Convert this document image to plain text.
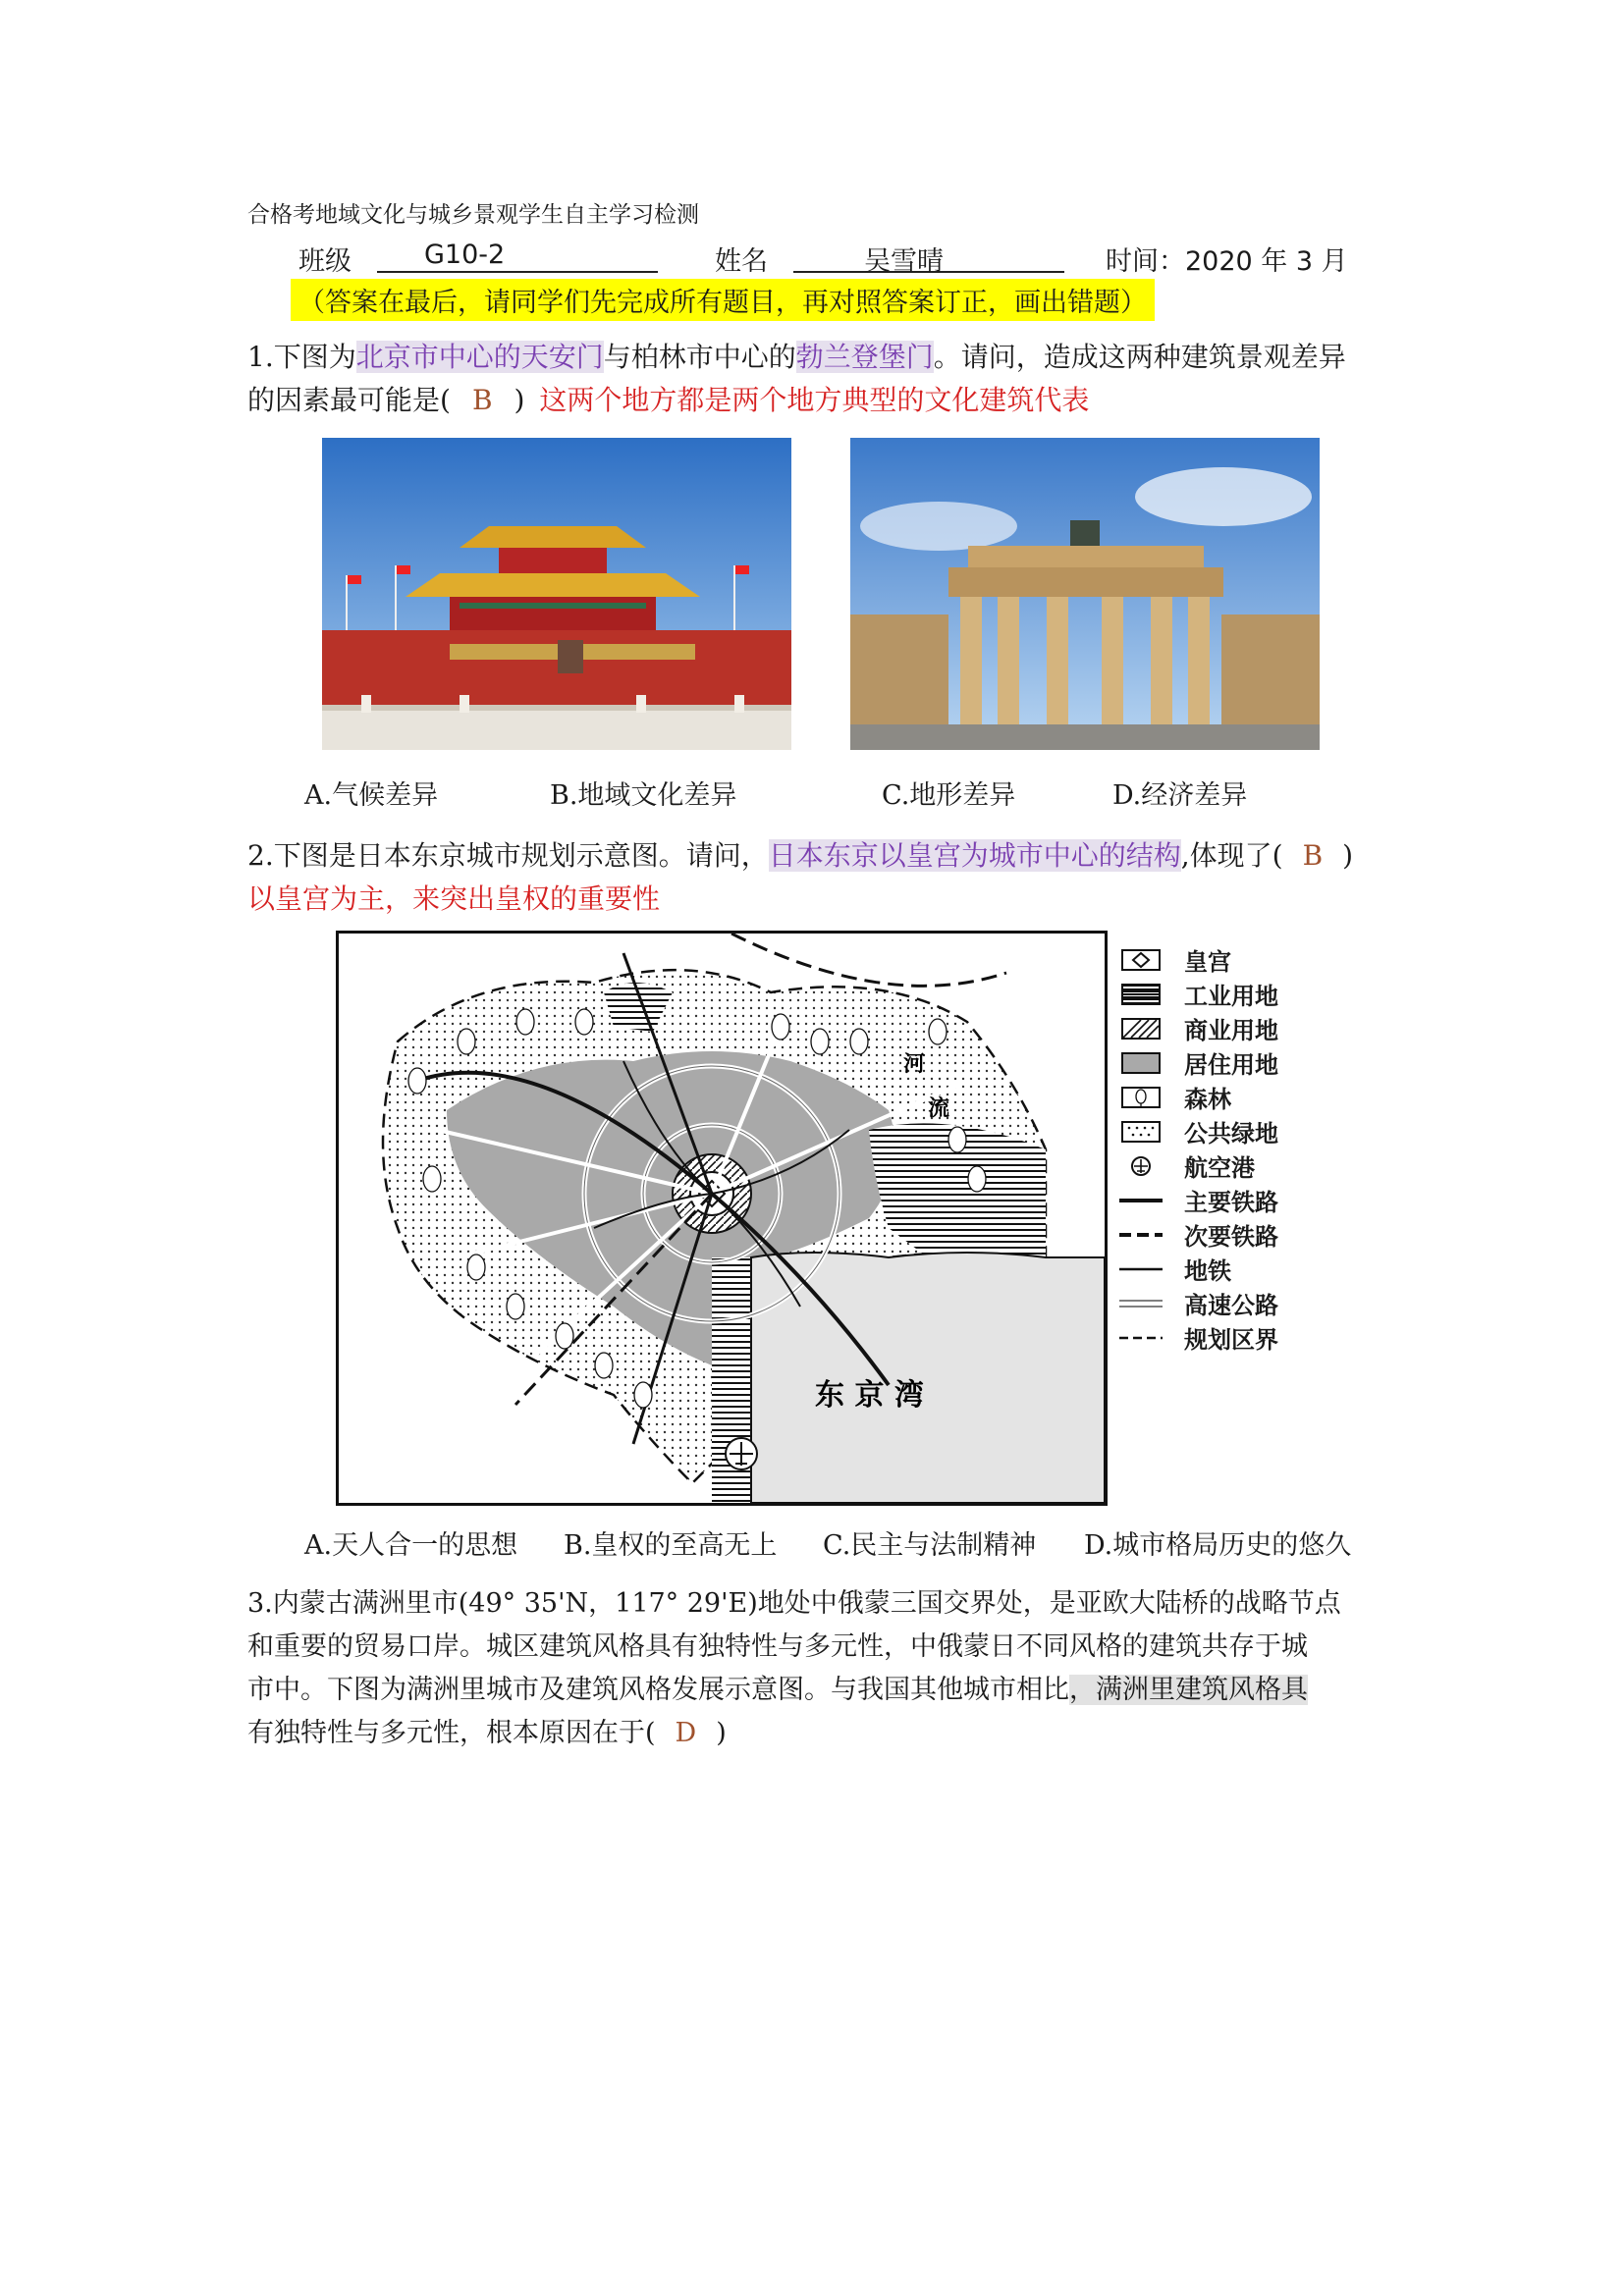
合格考地域文化与城乡景观学生自主学习检测
班级	G10-2	姓名	吴雪晴	时间：2020 年 3 月
（答案在最后，请同学们先完成所有题目，再对照答案订正，画出错题）
1.下图为北京市中心的天安门与柏林市中心的勃兰登堡门。请问，造成这两种建筑景观差异
的因素最可能是( B ) 这两个地方都是两个地方典型的文化建筑代表
A.气候差异	B.地域文化差异	C.地形差异	D.经济差异
2.下图是日本东京城市规划示意图。请问，日本东京以皇宫为城市中心的结构,体现了( B )
以皇宫为主，来突出皇权的重要性
河
流
东 京 湾
皇宫
工业用地
商业用地
居住用地
森林
公共绿地
航空港
主要铁路
次要铁路
地铁
高速公路
规划区界
A.天人合一的思想 B.皇权的至高无上 C.民主与法制精神 D.城市格局历史的悠久
3.内蒙古满洲里市(49° 35'N，117° 29'E)地处中俄蒙三国交界处，是亚欧大陆桥的战略节点
和重要的贸易口岸。城区建筑风格具有独特性与多元性，中俄蒙日不同风格的建筑共存于城
市中。下图为满洲里城市及建筑风格发展示意图。与我国其他城市相比，满洲里建筑风格具
有独特性与多元性，根本原因在于( D )
